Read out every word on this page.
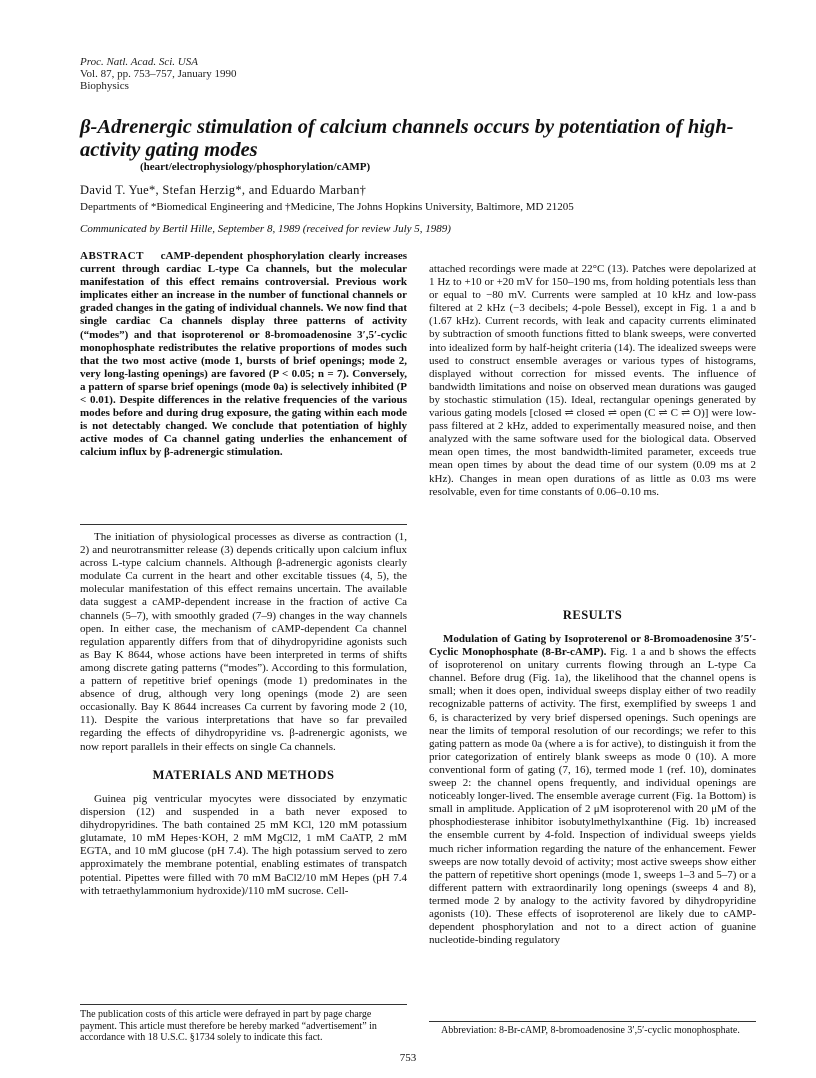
Proc. Natl. Acad. Sci. USA
Vol. 87, pp. 753–757, January 1990
Biophysics
β-Adrenergic stimulation of calcium channels occurs by potentiation of high-activity gating modes
(heart/electrophysiology/phosphorylation/cAMP)
David T. Yue*, Stefan Herzig*, and Eduardo Marban†
Departments of *Biomedical Engineering and †Medicine, The Johns Hopkins University, Baltimore, MD 21205
Communicated by Bertil Hille, September 8, 1989 (received for review July 5, 1989)

ABSTRACT cAMP-dependent phosphorylation clearly increases current through cardiac L-type Ca channels, but the molecular manifestation of this effect remains controversial. Previous work implicates either an increase in the number of functional channels or graded changes in the gating of individual channels. We now find that single cardiac Ca channels display three patterns of activity (“modes”) and that isoproterenol or 8-bromoadenosine 3′,5′-cyclic monophosphate redistributes the relative proportions of modes such that the two most active (mode 1, bursts of brief openings; mode 2, very long-lasting openings) are favored (P < 0.05; n = 7). Conversely, a pattern of sparse brief openings (mode 0a) is selectively inhibited (P < 0.01). Despite differences in the relative frequencies of the various modes before and during drug exposure, the gating within each mode is not detectably changed. We conclude that potentiation of highly active modes of Ca channel gating underlies the enhancement of calcium influx by β-adrenergic stimulation.

The initiation of physiological processes as diverse as contraction (1, 2) and neurotransmitter release (3) depends critically upon calcium influx across L-type calcium channels. Although β-adrenergic agonists clearly modulate Ca current in the heart and other excitable tissues (4, 5), the molecular manifestation of this effect remains uncertain. The available data suggest a cAMP-dependent increase in the fraction of active Ca channels (5–7), with smoothly graded (7–9) changes in the way channels open. In either case, the mechanism of cAMP-dependent Ca channel regulation apparently differs from that of dihydropyridine agonists such as Bay K 8644, whose actions have been interpreted in terms of shifts among discrete gating patterns (“modes”). According to this formulation, a pattern of repetitive brief openings (mode 1) predominates in the absence of drug, although very long openings (mode 2) are seen occasionally. Bay K 8644 increases Ca current by favoring mode 2 (10, 11). Despite the various interpretations that have so far prevailed regarding the effects of dihydropyridine vs. β-adrenergic agonists, we now report parallels in their effects on single Ca channels.

MATERIALS AND METHODS

Guinea pig ventricular myocytes were dissociated by enzymatic dispersion (12) and suspended in a bath never exposed to dihydropyridines. The bath contained 25 mM KCl, 120 mM potassium glutamate, 10 mM Hepes·KOH, 2 mM MgCl2, 1 mM CaATP, 2 mM EGTA, and 10 mM glucose (pH 7.4). The high potassium served to zero approximately the membrane potential, enabling estimates of transpatch potential. Pipettes were filled with 70 mM BaCl2/10 mM Hepes (pH 7.4 with tetraethylammonium hydroxide)/110 mM sucrose. Cell-

The publication costs of this article were defrayed in part by page charge payment. This article must therefore be hereby marked “advertisement” in accordance with 18 U.S.C. §1734 solely to indicate this fact.

attached recordings were made at 22°C (13). Patches were depolarized at 1 Hz to +10 or +20 mV for 150–190 ms, from holding potentials less than or equal to −80 mV. Currents were sampled at 10 kHz and low-pass filtered at 2 kHz (−3 decibels; 4-pole Bessel), except in Fig. 1 a and b (1.67 kHz). Current records, with leak and capacity currents eliminated by subtraction of smooth functions fitted to blank sweeps, were converted into idealized form by half-height criteria (14). The idealized sweeps were used to construct ensemble averages or various types of histograms, displayed without correction for missed events. The influence of bandwidth limitations and noise on observed mean durations was gauged by stochastic stimulation (15). Ideal, rectangular openings generated by various gating models [closed ⇌ closed ⇌ open (C ⇌ C ⇌ O)] were low-pass filtered at 2 kHz, added to experimentally measured noise, and then analyzed with the same software used for the biological data. Observed mean open times, the most bandwidth-limited parameter, exceeds true mean open times by about the dead time of our system (0.09 ms at 2 kHz). Changes in mean open durations of as little as 0.03 ms were resolvable, even for time constants of 0.06–0.10 ms.

RESULTS

Modulation of Gating by Isoproterenol or 8-Bromoadenosine 3′5′-Cyclic Monophosphate (8-Br-cAMP). Fig. 1 a and b shows the effects of isoproterenol on unitary currents flowing through an L-type Ca channel. Before drug (Fig. 1a), the likelihood that the channel opens is small; when it does open, individual sweeps display either of two readily recognizable patterns of activity. The first, exemplified by sweeps 1 and 6, is characterized by very brief dispersed openings. Such openings are near the limits of temporal resolution of our recordings; we refer to this gating pattern as mode 0a (where a is for active), to distinguish it from the prior categorization of entirely blank sweeps as mode 0 (10). A more conventional form of gating (7, 16), termed mode 1 (ref. 10), dominates sweep 2: the channel opens frequently, and individual openings are noticeably longer-lived. The ensemble average current (Fig. 1a Bottom) is small in amplitude. Application of 2 μM isoproterenol with 20 μM of the phosphodiesterase inhibitor isobutylmethylxanthine (Fig. 1b) increased the ensemble current by 4-fold. Inspection of individual sweeps yields much richer information regarding the nature of the enhancement. Fewer sweeps are now totally devoid of activity; most active sweeps show either the pattern of repetitive short openings (mode 1, sweeps 1–3 and 5–7) or a different pattern with extraordinarily long openings (sweeps 4 and 8), termed mode 2 by analogy to the activity favored by dihydropyridine agonists (10). These effects of isoproterenol are likely due to cAMP-dependent phosphorylation and not to a direct action of guanine nucleotide-binding regulatory

Abbreviation: 8-Br-cAMP, 8-bromoadenosine 3′,5′-cyclic monophosphate.
753
